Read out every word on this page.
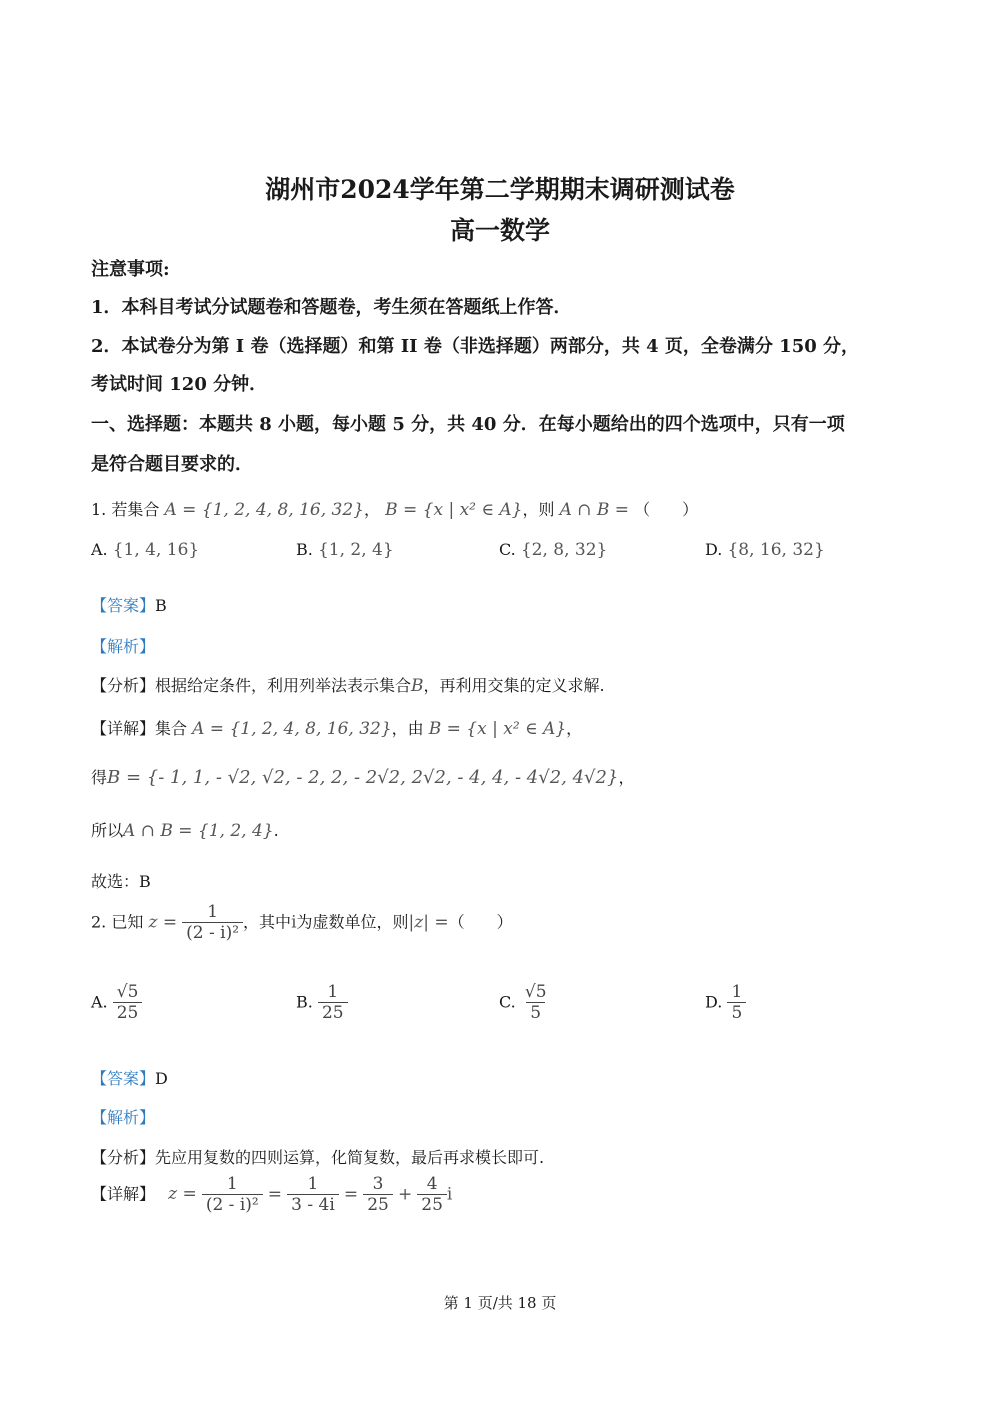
湖州市2024学年第二学期期末调研测试卷
高一数学
注意事项:
1．本科目考试分试题卷和答题卷，考生须在答题纸上作答．
2．本试卷分为第 I 卷（选择题）和第 II 卷（非选择题）两部分，共 4 页，全卷满分 150 分，
考试时间 120 分钟．
一、选择题：本题共 8 小题，每小题 5 分，共 40 分．在每小题给出的四个选项中，只有一项
是符合题目要求的．
1. 若集合 A = {1, 2, 4, 8, 16, 32}， B = {x | x² ∈ A}，则 A ∩ B = （　　）
A. {1, 4, 16}	B. {1, 2, 4}	C. {2, 8, 32}	D. {8, 16, 32}
【答案】B
【解析】
【分析】根据给定条件，利用列举法表示集合B，再利用交集的定义求解.
【详解】集合 A = {1, 2, 4, 8, 16, 32}，由 B = {x | x² ∈ A}，
得B = {- 1, 1, - √2, √2, - 2, 2, - 2√2, 2√2, - 4, 4, - 4√2, 4√2}，
所以A ∩ B = {1, 2, 4}.
故选：B
2. 已知 $z = \frac{1}{\text{(2 - i)²}}$ ，其中i为虚数单位，则|z| =（　　）
A. $\frac{√5}{25}$	B. $\frac{1}{25}$	C. $\frac{√5}{5}$	D. $\frac{1}{5}$
【答案】D
【解析】
【分析】先应用复数的四则运算，化简复数，最后再求模长即可.
【详解】 $z = \frac{1}{\text{(2 - i)²}} = \frac{1}{3 - 4i} = \frac{3}{25} + \frac{4}{25}$ i
第 1 页/共 18 页
